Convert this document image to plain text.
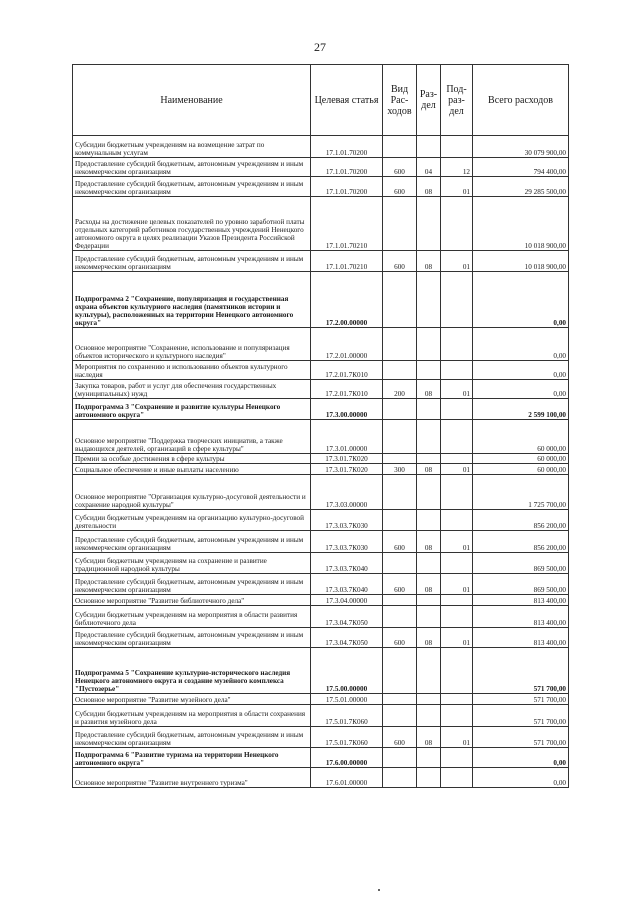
27
Наименование	Целевая статья	Вид Рас-ходов	Раз-дел	Под-раз-дел	Всего расходов
Субсидии бюджетным учреждениям на возмещение затрат по коммунальным услугам	17.1.01.70200				30 079 900,00
Предоставление субсидий бюджетным, автономным учреждениям и иным некоммерческим организациям	17.1.01.70200	600	04	12	794 400,00
Предоставление субсидий бюджетным, автономным учреждениям и иным некоммерческим организациям	17.1.01.70200	600	08	01	29 285 500,00
Расходы на достижение целевых показателей по уровню заработной платы отдельных категорий работников государственных учреждений Ненецкого автономного округа в целях реализации Указов Президента Российской Федерации	17.1.01.70210				10 018 900,00
Предоставление субсидий бюджетным, автономным учреждениям и иным некоммерческим организациям	17.1.01.70210	600	08	01	10 018 900,00
Подпрограмма 2 "Сохранение, популяризация и государственная охрана объектов культурного наследия (памятников истории и культуры), расположенных на территории Ненецкого автономного округа"	17.2.00.00000				0,00
Основное мероприятие "Сохранение, использование и популяризация объектов исторического и культурного наследия"	17.2.01.00000				0,00
Мероприятия по сохранению и использованию объектов культурного наследия	17.2.01.7К010				0,00
Закупка товаров, работ и услуг для обеспечения государственных (муниципальных) нужд	17.2.01.7К010	200	08	01	0,00
Подпрограмма 3 "Сохранение и развитие культуры Ненецкого автономного округа"	17.3.00.00000				2 599 100,00
Основное мероприятие "Поддержка творческих инициатив, а также выдающихся деятелей, организаций в сфере культуры"	17.3.01.00000				60 000,00
Премии за особые достижения в сфере культуры	17.3.01.7К020				60 000,00
Социальное обеспечение и иные выплаты населению	17.3.01.7К020	300	08	01	60 000,00
Основное мероприятие "Организация культурно-досуговой деятельности и сохранение народной культуры"	17.3.03.00000				1 725 700,00
Субсидии бюджетным учреждениям на организацию культурно-досуговой деятельности	17.3.03.7К030				856 200,00
Предоставление субсидий бюджетным, автономным учреждениям и иным некоммерческим организациям	17.3.03.7К030	600	08	01	856 200,00
Субсидии бюджетным учреждениям на сохранение и развитие традиционной народной культуры	17.3.03.7К040				869 500,00
Предоставление субсидий бюджетным, автономным учреждениям и иным некоммерческим организациям	17.3.03.7К040	600	08	01	869 500,00
Основное мероприятие "Развитие библиотечного дела"	17.3.04.00000				813 400,00
Субсидии бюджетным учреждениям на мероприятия в области развития библиотечного дела	17.3.04.7К050				813 400,00
Предоставление субсидий бюджетным, автономным учреждениям и иным некоммерческим организациям	17.3.04.7К050	600	08	01	813 400,00
Подпрограмма 5 "Сохранение культурно-исторического наследия Ненецкого автономного округа и создание музейного комплекса "Пустозерье"	17.5.00.00000				571 700,00
Основное мероприятие "Развитие музейного дела"	17.5.01.00000				571 700,00
Субсидии бюджетным учреждениям на мероприятия в области сохранения и развития музейного дела	17.5.01.7К060				571 700,00
Предоставление субсидий бюджетным, автономным учреждениям и иным некоммерческим организациям	17.5.01.7К060	600	08	01	571 700,00
Подпрограмма 6 "Развитие туризма на территории Ненецкого автономного округа"	17.6.00.00000				0,00
Основное мероприятие "Развитие внутреннего туризма"	17.6.01.00000				0,00
